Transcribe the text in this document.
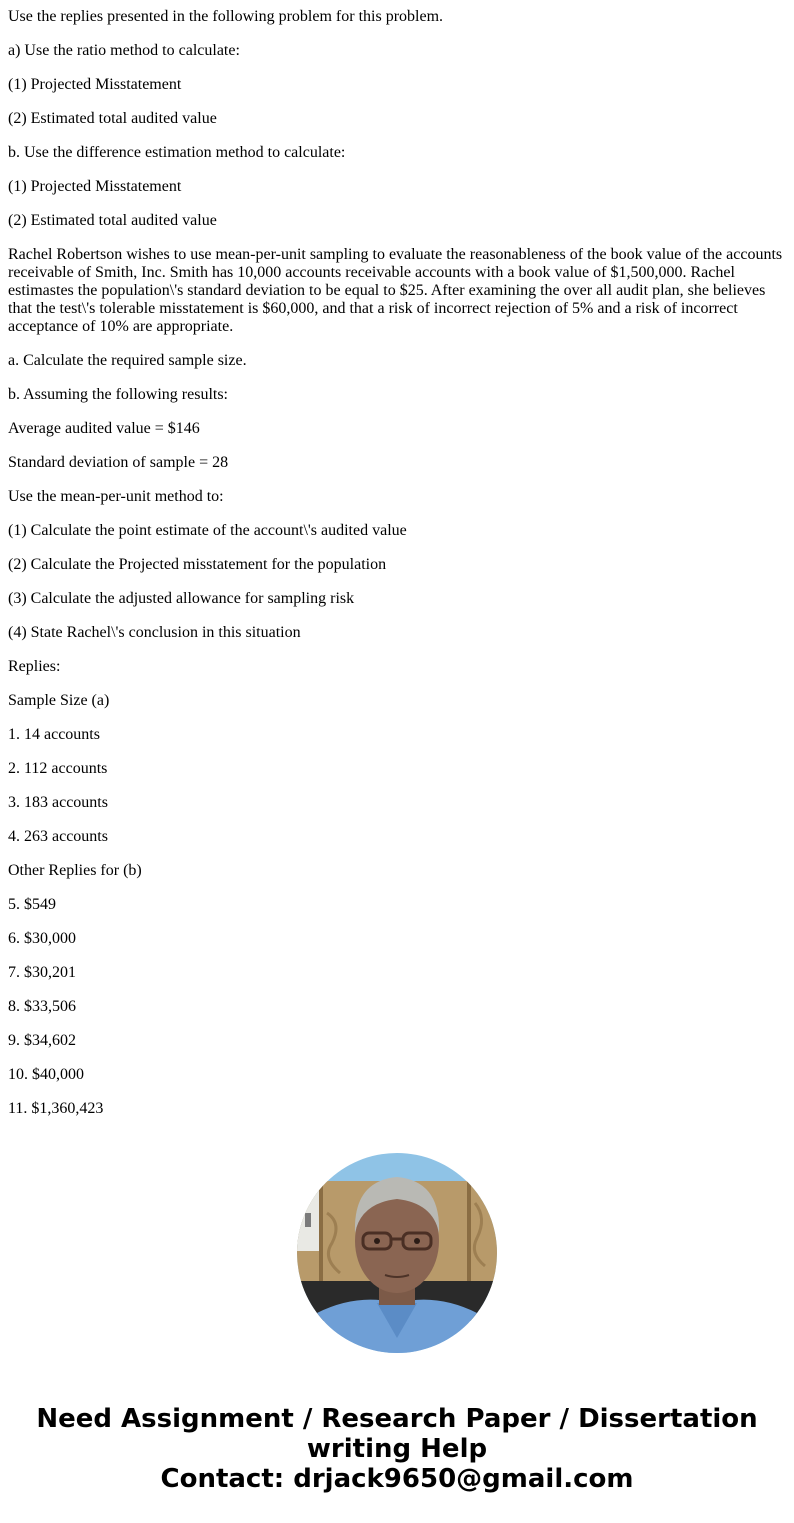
Use the replies presented in the following problem for this problem.

a) Use the ratio method to calculate:

(1) Projected Misstatement

(2) Estimated total audited value

b. Use the difference estimation method to calculate:

(1) Projected Misstatement

(2) Estimated total audited value

Rachel Robertson wishes to use mean-per-unit sampling to evaluate the reasonableness of the book value of the accounts receivable of Smith, Inc. Smith has 10,000 accounts receivable accounts with a book value of $1,500,000. Rachel estimastes the population\'s standard deviation to be equal to $25. After examining the over all audit plan, she believes that the test\'s tolerable misstatement is $60,000, and that a risk of incorrect rejection of 5% and a risk of incorrect acceptance of 10% are appropriate.

a. Calculate the required sample size.

b. Assuming the following results:

Average audited value = $146

Standard deviation of sample = 28

Use the mean-per-unit method to:

(1) Calculate the point estimate of the account\'s audited value

(2) Calculate the Projected misstatement for the population

(3) Calculate the adjusted allowance for sampling risk

(4) State Rachel\'s conclusion in this situation

Replies:

Sample Size (a)

1. 14 accounts

2. 112 accounts

3. 183 accounts

4. 263 accounts

Other Replies for (b)

5. $549

6. $30,000

7. $30,201

8. $33,506

9. $34,602

10. $40,000

11. $1,360,423

Need Assignment / Research Paper / Dissertation
writing Help
Contact: drjack9650@gmail.com
